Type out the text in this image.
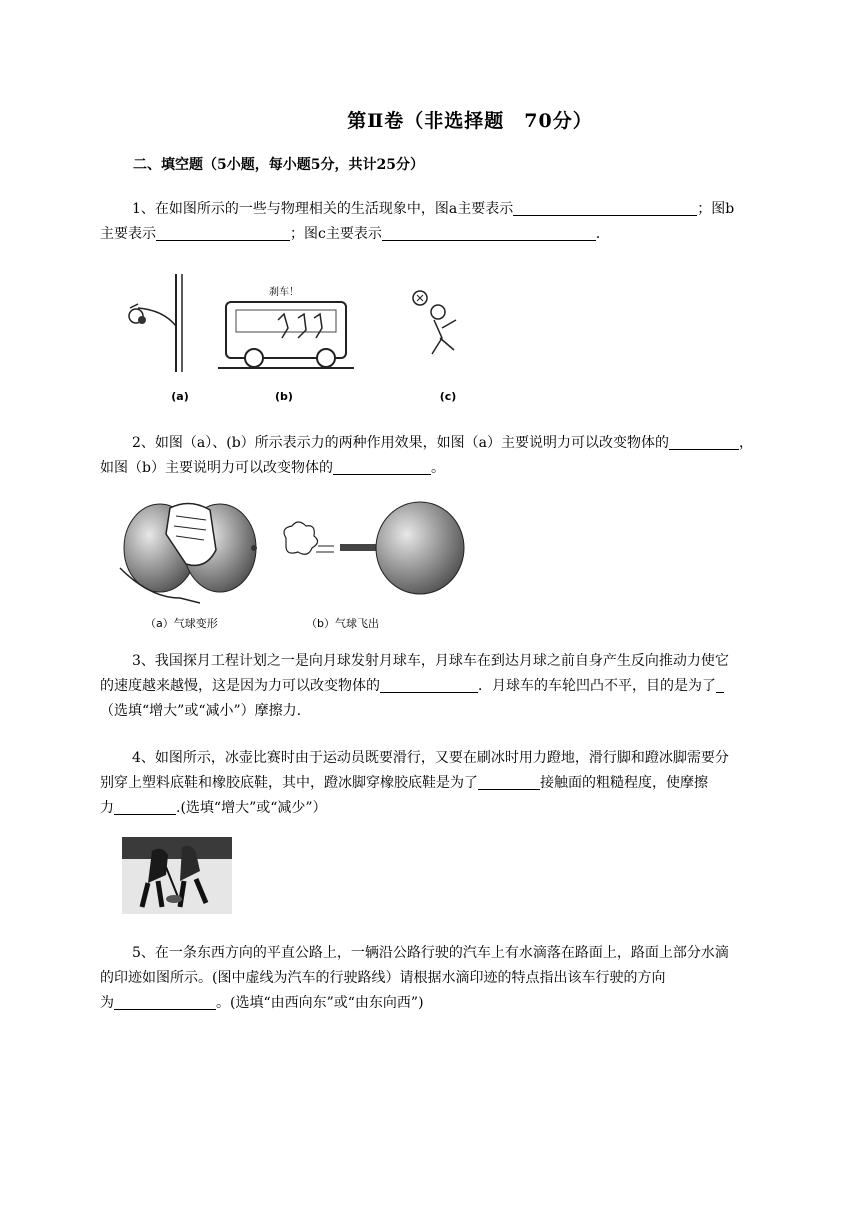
第Ⅱ卷（非选择题　70分）
二、填空题（5小题，每小题5分，共计25分）
1、在如图所示的一些与物理相关的生活现象中，图a主要表示	；图b
主要表示	；图c主要表示	．
刹车！
(a)	(b)	(c)
2、如图（a）、(b）所示表示力的两种作用效果，如图（a）主要说明力可以改变物体的	，
如图（b）主要说明力可以改变物体的	。
（a）气球变形	（b）气球飞出
3、我国探月工程计划之一是向月球发射月球车，月球车在到达月球之前自身产生反向推动力使它
的速度越来越慢，这是因为力可以改变物体的	．月球车的车轮凹凸不平，目的是为了
（选填“增大”或“减小”）摩擦力.
4、如图所示，冰壶比赛时由于运动员既要滑行，又要在刷冰时用力蹬地，滑行脚和蹬冰脚需要分
别穿上塑料底鞋和橡胶底鞋，其中，蹬冰脚穿橡胶底鞋是为了	接触面的粗糙程度，使摩擦
力	.(选填“增大”或“减少”）
5、在一条东西方向的平直公路上，一辆沿公路行驶的汽车上有水滴落在路面上，路面上部分水滴
的印迹如图所示。(图中虚线为汽车的行驶路线）请根据水滴印迹的特点指出该车行驶的方向
为	。(选填“由西向东”或“由东向西”)
